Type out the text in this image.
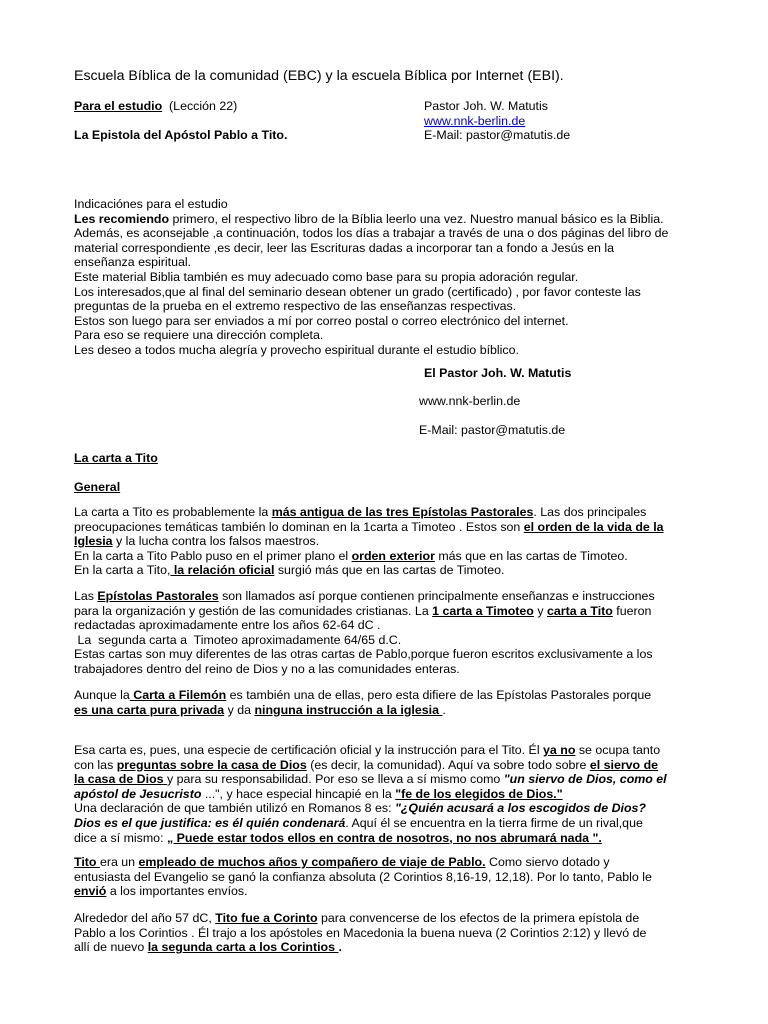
Escuela Bíblica de la comunidad (EBC) y la escuela Bíblica por Internet (EBI).
Para el estudio (Lección 22)	Pastor Joh. W. Matutis
www.nnk-berlin.de
La Epistola del Apóstol Pablo a Tito.	E-Mail: pastor@matutis.de
Indicaciónes para el estudio
Les recomiendo primero, el respectivo libro de la Bíblia leerlo una vez. Nuestro manual básico es la Biblia.
Además, es aconsejable ,a continuación, todos los días a trabajar a través de una o dos páginas del libro de
material correspondiente ,es decir, leer las Escrituras dadas a incorporar tan a fondo a Jesús en la
enseñanza espiritual.
Este material Biblia también es muy adecuado como base para su propia adoración regular.
Los interesados,que al final del seminario desean obtener un grado (certificado) , por favor conteste las
preguntas de la prueba en el extremo respectivo de las enseñanzas respectivas.
Estos son luego para ser enviados a mí por correo postal o correo electrónico del internet.
Para eso se requiere una dirección completa.
Les deseo a todos mucha alegría y provecho espiritual durante el estudio bíblico.
El Pastor Joh. W. Matutis
www.nnk-berlin.de
E-Mail: pastor@matutis.de
La carta a Tito
General
La carta a Tito es probablemente la más antigua de las tres Epístolas Pastorales. Las dos principales
preocupaciones temáticas también lo dominan en la 1carta a Timoteo . Estos son el orden de la vida de la
Iglesia y la lucha contra los falsos maestros.
En la carta a Tito Pablo puso en el primer plano el orden exterior más que en las cartas de Timoteo.
En la carta a Tito, la relación oficial surgió más que en las cartas de Timoteo.
Las Epístolas Pastorales son llamados así porque contienen principalmente enseñanzas e instrucciones
para la organización y gestión de las comunidades cristianas. La 1 carta a Timoteo y carta a Tito fueron
redactadas aproximadamente entre los años 62-64 dC .
La  segunda carta a  Timoteo aproximadamente 64/65 d.C.
Estas cartas son muy diferentes de las otras cartas de Pablo,porque fueron escritos exclusivamente a los
trabajadores dentro del reino de Dios y no a las comunidades enteras.
Aunque la Carta a Filemón es también una de ellas, pero esta difiere de las Epístolas Pastorales porque
es una carta pura privada y da ninguna instrucción a la iglesia .
Esa carta es, pues, una especie de certificación oficial y la instrucción para el Tito. Él ya no se ocupa tanto
con las preguntas sobre la casa de Dios (es decir, la comunidad). Aquí va sobre todo sobre el siervo de
la casa de Dios y para su responsabilidad. Por eso se lleva a sí mismo como "un siervo de Dios, como el
apóstol de Jesucristo ...", y hace especial hincapié en la "fe de los elegidos de Dios."
Una declaración de que también utilizó en Romanos 8 es: "¿Quién acusará a los escogidos de Dios?
Dios es el que justifica: es él quién condenará. Aquí él se encuentra en la tierra firme de un rival,que
dice a sí mismo: „ Puede estar todos ellos en contra de nosotros, no nos abrumará nada ".
Tito era un empleado de muchos años y compañero de viaje de Pablo. Como siervo dotado y
entusiasta del Evangelio se ganó la confianza absoluta (2 Corintios 8,16-19, 12,18). Por lo tanto, Pablo le
envió a los importantes envíos.
Alrededor del año 57 dC, Tito fue a Corinto para convencerse de los efectos de la primera epístola de
Pablo a los Corintios . Él trajo a los apóstoles en Macedonia la buena nueva (2 Corintios 2:12) y llevó de
allí de nuevo la segunda carta a los Corintios .
